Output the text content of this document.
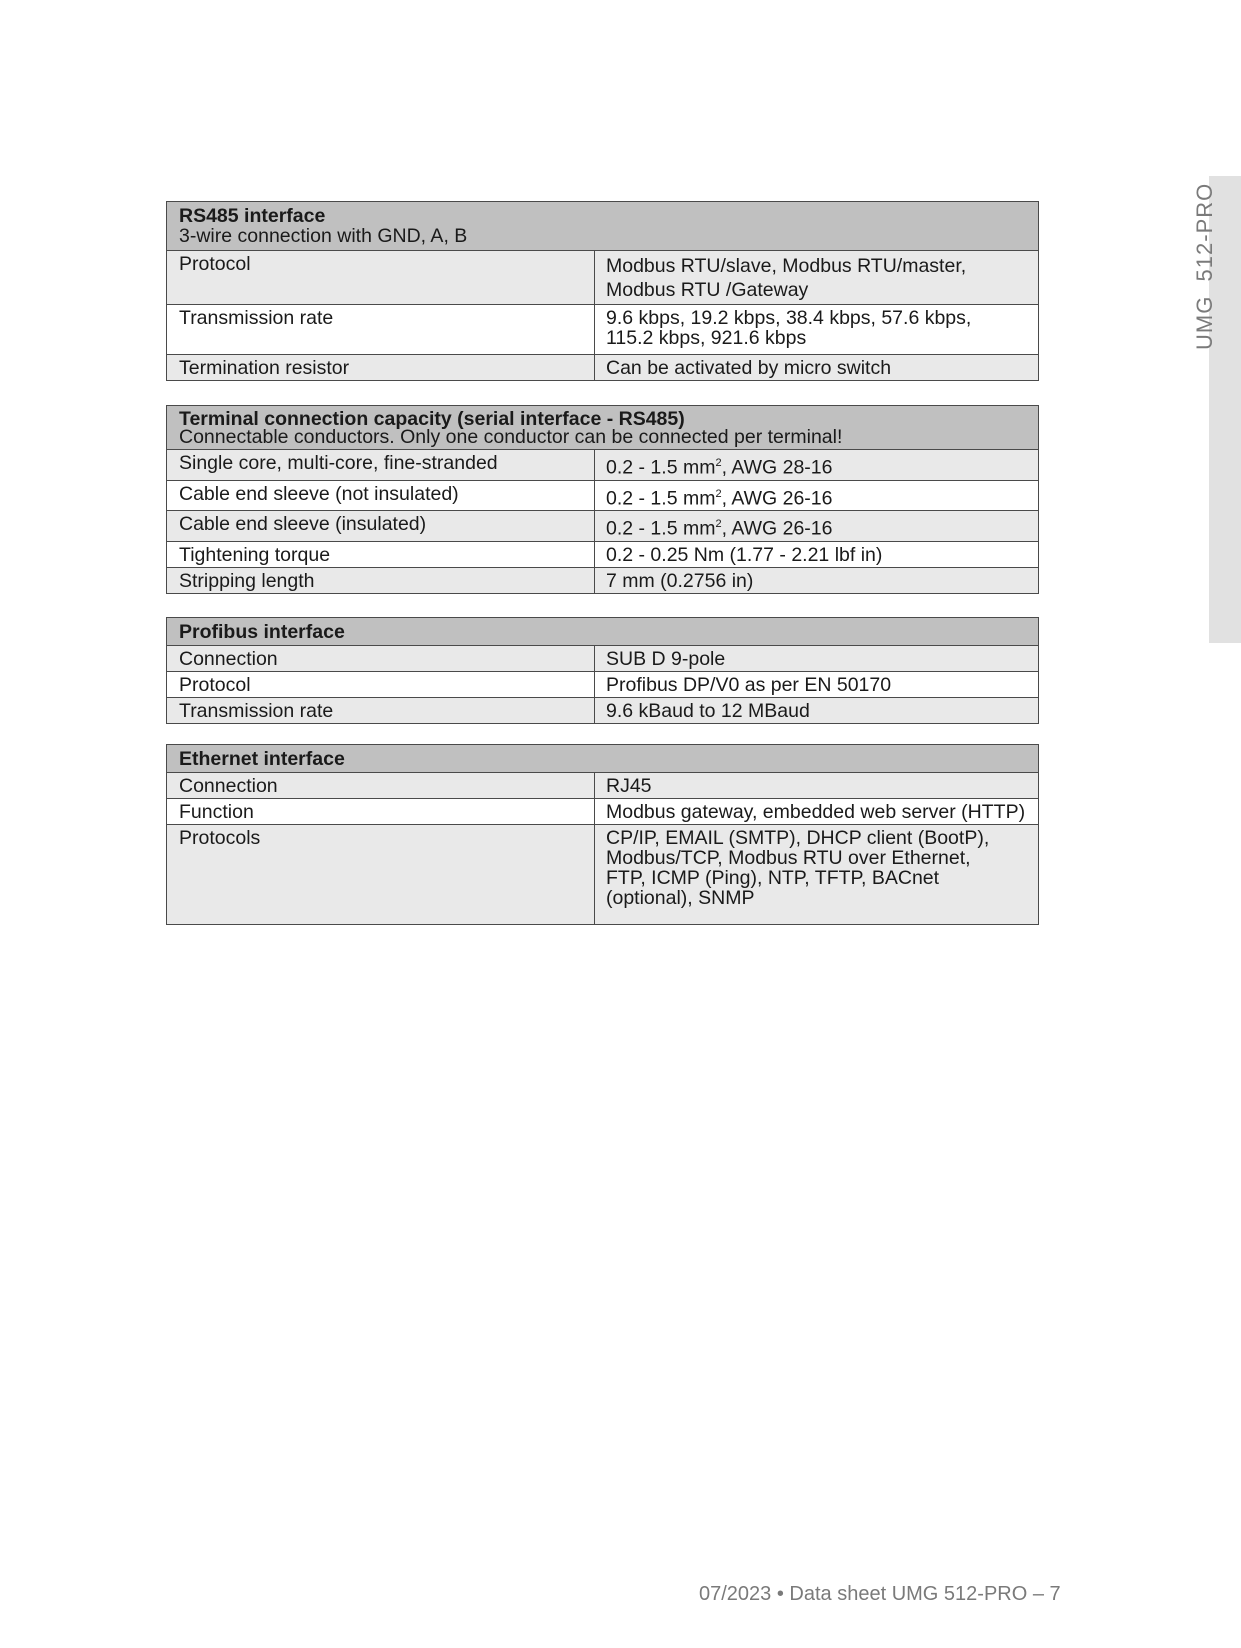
UMG  512-PRO
RS485 interface
3-wire connection with GND, A, B	

Protocol	Modbus RTU/slave, Modbus RTU/master,
Modbus RTU /Gateway
Transmission rate	9.6 kbps, 19.2 kbps, 38.4 kbps, 57.6 kbps,
115.2 kbps, 921.6 kbps
Termination resistor	Can be activated by micro switch
Terminal connection capacity (serial interface - RS485)
Connectable conductors. Only one conductor can be connected per terminal!	

Single core, multi-core, fine-stranded	0.2 - 1.5 $mm^2$, AWG 28-16
Cable end sleeve (not insulated)	0.2 - 1.5 $mm^2$, AWG 26-16
Cable end sleeve (insulated)	0.2 - 1.5 $mm^2$, AWG 26-16
Tightening torque	0.2 - 0.25 Nm (1.77 - 2.21 lbf in)
Stripping length	7 mm (0.2756 in)
Profibus interface	

Connection	SUB D 9-pole
Protocol	Profibus DP/V0 as per EN 50170
Transmission rate	9.6 kBaud to 12 MBaud
Ethernet interface	

Connection	RJ45
Function	Modbus gateway, embedded web server (HTTP)
Protocols	CP/IP, EMAIL (SMTP), DHCP client (BootP),
Modbus/TCP, Modbus RTU over Ethernet,
FTP, ICMP (Ping), NTP, TFTP, BACnet
(optional), SNMP
07/2023 • Data sheet UMG 512-PRO – 7
